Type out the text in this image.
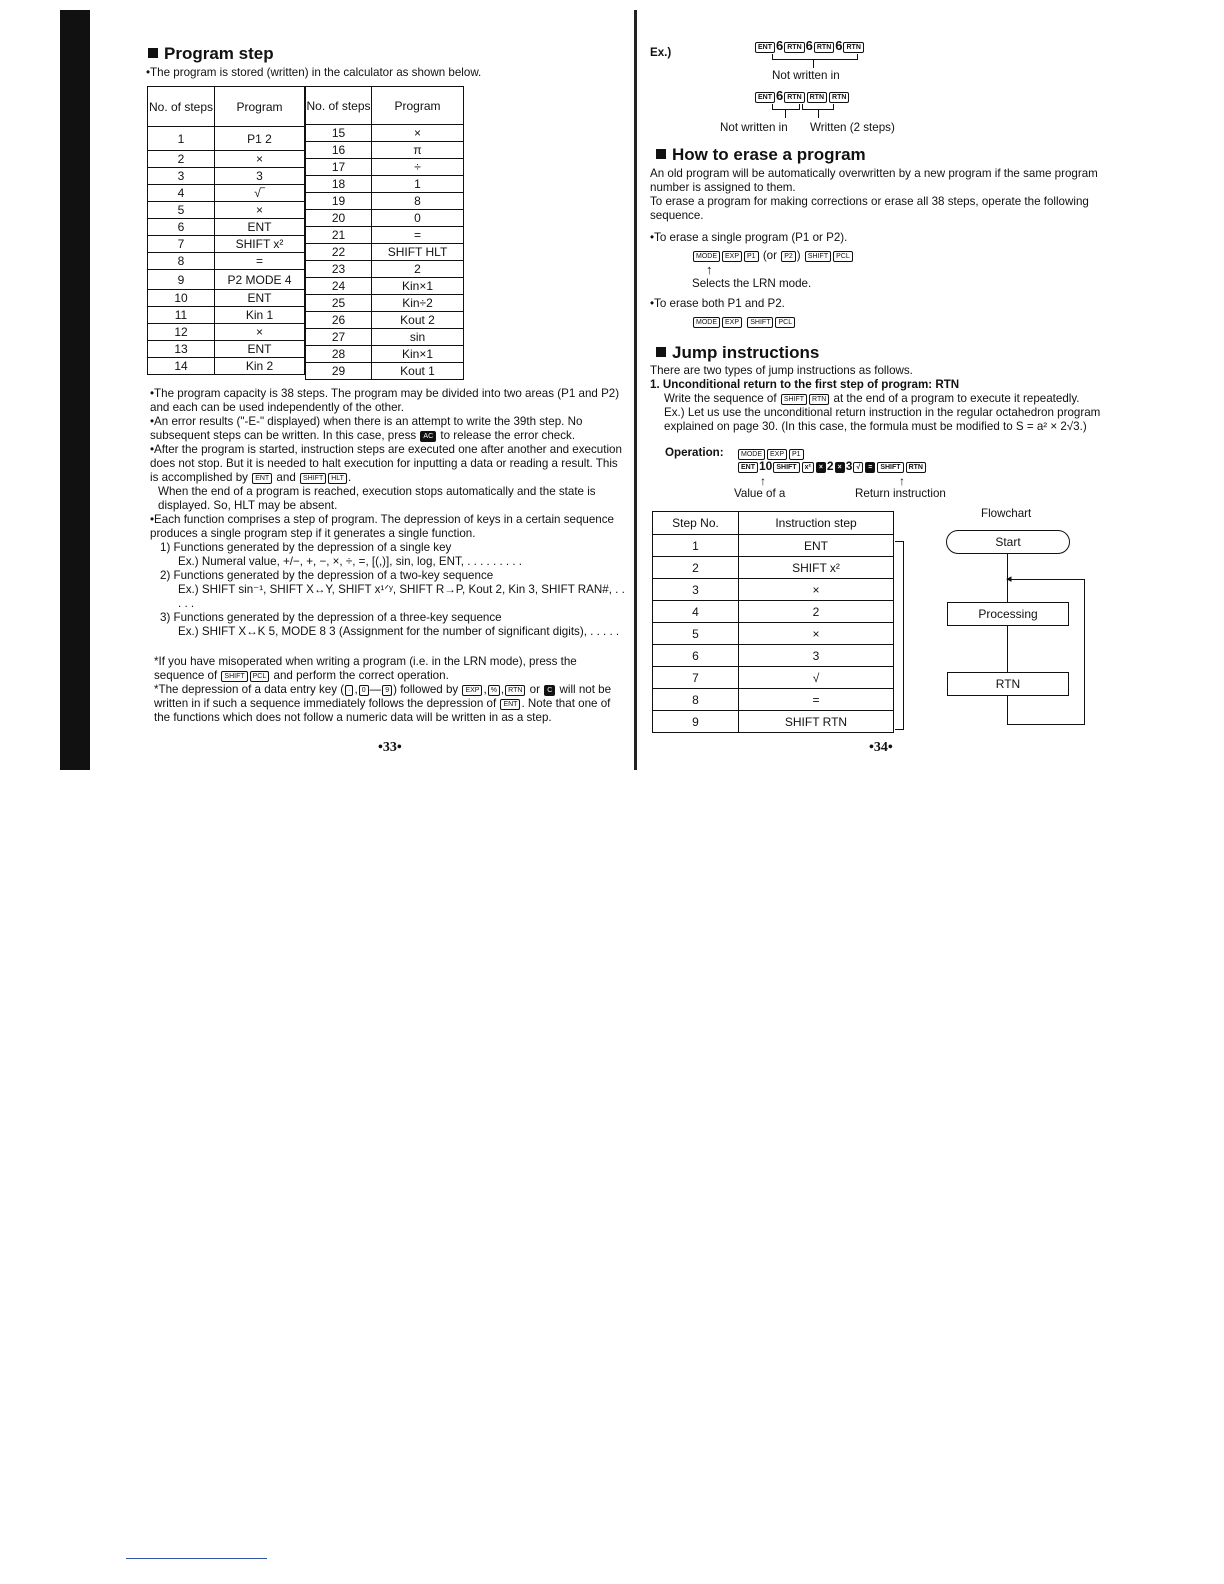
Program step
•The program is stored (written) in the calculator as shown below.
No. of steps	Program
1	P1 2
2	×
3	3
4	√‾
5	×
6	ENT
7	SHIFT x²
8	=
9	P2 MODE 4
10	ENT
11	Kin 1
12	×
13	ENT
14	Kin 2
No. of steps	Program
15	×
16	π
17	÷
18	1
19	8
20	0
21	=
22	SHIFT HLT
23	2
24	Kin×1
25	Kin÷2
26	Kout 2
27	sin
28	Kin×1
29	Kout 1
•The program capacity is 38 steps. The program may be divided into two areas (P1 and P2) and each can be used independently of the other.
•An error results ("-E-" displayed) when there is an attempt to write the 39th step. No subsequent steps can be written. In this case, press AC to release the error check.
•After the program is started, instruction steps are executed one after another and execution does not stop. But it is needed to halt execution for inputting a data or reading a result. This is accomplished by ENT and SHIFT HLT .
When the end of a program is reached, execution stops automatically and the state is displayed. So, HLT may be absent.
•Each function comprises a step of program. The depression of keys in a certain sequence produces a single program step if it generates a single function.
1) Functions generated by the depression of a single key
Ex.) Numeral value, +/−, +, −, ×, ÷, =, [(,)], sin, log, ENT, . . . . . . . . .
2) Functions generated by the depression of a two-key sequence
Ex.) SHIFT sin⁻¹, SHIFT X↔Y, SHIFT x¹ᐟʸ, SHIFT R→P, Kout 2, Kin 3, SHIFT RAN#, . . . . .
3) Functions generated by the depression of a three-key sequence
Ex.) SHIFT X↔K 5, MODE 8 3 (Assignment for the number of significant digits), . . . . .
*If you have misoperated when writing a program (i.e. in the LRN mode), press the sequence of SHIFT PCL and perform the correct operation.
*The depression of a data entry key ( · , 0 — 9 ) followed by EXP , % , RTN or C will not be written in if such a sequence immediately follows the depression of ENT . Note that one of the functions which does not follow a numeric data will be written in as a step.
•33•
Ex.)	ENT 6 RTN 6 RTN 6 RTN
Not written in
ENT 6 RTN RTN RTN
Not written in Written (2 steps)
How to erase a program
An old program will be automatically overwritten by a new program if the same program number is assigned to them.
To erase a program for making corrections or erase all 38 steps, operate the following sequence.
•To erase a single program (P1 or P2).
MODE EXP P1 (or P2 ) SHIFT PCL
↑
Selects the LRN mode.
•To erase both P1 and P2.
MODE EXP SHIFT PCL
Jump instructions
There are two types of jump instructions as follows.
1. Unconditional return to the first step of program: RTN
Write the sequence of SHIFT RTN at the end of a program to execute it repeatedly.
Ex.) Let us use the unconditional return instruction in the regular octahedron program explained on page 30. (In this case, the formula must be modified to S = a² × 2√3.)
Operation:	MODE EXP P1
ENT 10 SHIFT x² × 2 × 3 √ = SHIFT RTN
↑	↑
Value of a	Return instruction
Step No.	Instruction step
1	ENT
2	SHIFT x²
3	×
4	2
5	×
6	3
7	√
8	=
9	SHIFT RTN
Flowchart
Start
◂
Processing
RTN
•34•
